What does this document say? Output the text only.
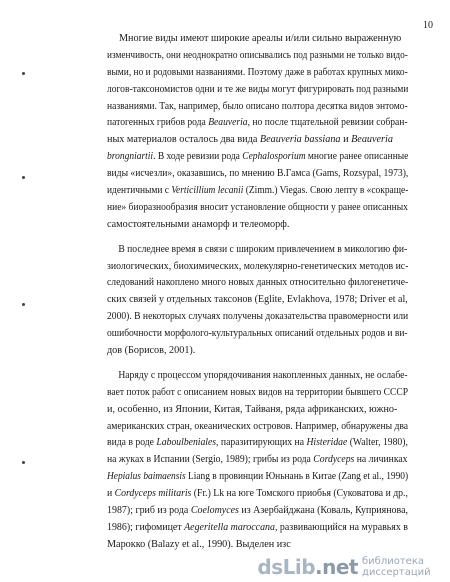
10
Многие виды имеют широкие ареалы и/или сильно выраженную
изменчивость, они неоднократно описывались под разными не только видо-
выми, но и родовыми названиями. Поэтому даже в работах крупных мико-
логов-таксономистов одни и те же виды могут фигурировать под разными
названиями. Так, например, было описано полтора десятка видов энтомо-
патогенных грибов рода Beauveria, но после тщательной ревизии собран-
ных материалов осталось два вида Beauveria bassiana и Beauveria
brongniartii. В ходе ревизии рода Cephalosporium многие ранее описанные
виды «исчезли», оказавшись, по мнению В.Гамса (Gams, Rozsypal, 1973),
идентичными с Verticillium lecanii (Zimm.) Viegas. Свою лепту в «сокраще-
ние» биоразнообразия вносит установление общности у ранее описанных
самостоятельными анаморф и телеоморф.
В последнее время в связи с широким привлечением в микологию фи-
зиологических, биохимических, молекулярно-генетических методов ис-
следований накоплено много новых данных относительно филогенетиче-
ских связей у отдельных таксонов (Eglite, Evlakhova, 1978; Driver et al,
2000). В некоторых случаях получены доказательства правомерности или
ошибочности морфолого-культуральных описаний отдельных родов и ви-
дов (Борисов, 2001).
Наряду с процессом упорядочивания накопленных данных, не ослабе-
вает поток работ с описанием новых видов на территории бывшего СССР
и, особенно, из Японии, Китая, Тайваня, ряда африканских, южно-
американских стран, океанических островов. Например, обнаружены два
вида в роде Laboulbeniales, паразитирующих на Histeridae (Walter, 1980),
на жуках в Испании (Sergio, 1989); грибы из рода Cordyceps на личинках
Hepialus baimaensis Liang в провинции Юньнань в Китае (Zang et al., 1990)
и Cordyceps militaris (Fr.) Lk на юге Томского приобья (Суковатова и др.,
1987); гриб из рода Coelomyces из Азербайджана (Коваль, Куприянова,
1986); гифомицет Aegeritella maroccana, развивающийся на муравьях в
Марокко (Balazy et al., 1990). Выделен изс
dsLib.net библиотека диссертаций
